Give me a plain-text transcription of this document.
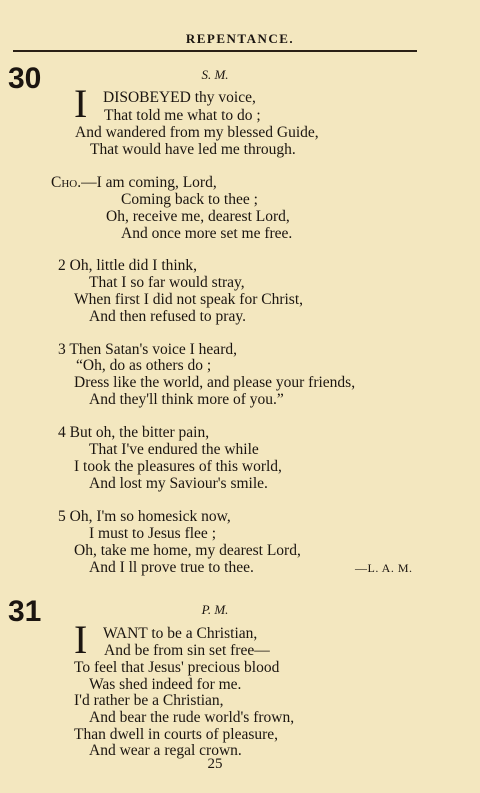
REPENTANCE.
30	S. M.
I DISOBEYED thy voice,
That told me what to do ;
And wandered from my blessed Guide,
That would have led me through.
Cho.—I am coming, Lord,
Coming back to thee ;
Oh, receive me, dearest Lord,
And once more set me free.
2 Oh, little did I think,
That I so far would stray,
When first I did not speak for Christ,
And then refused to pray.
3 Then Satan's voice I heard,
“Oh, do as others do ;
Dress like the world, and please your friends,
And they'll think more of you.”
4 But oh, the bitter pain,
That I've endured the while
I took the pleasures of this world,
And lost my Saviour's smile.
5 Oh, I'm so homesick now,
I must to Jesus flee ;
Oh, take me home, my dearest Lord,
And I ll prove true to thee.	—L. A. M.
31	P. M.
I WANT to be a Christian,
And be from sin set free—
To feel that Jesus' precious blood
Was shed indeed for me.
I'd rather be a Christian,
And bear the rude world's frown,
Than dwell in courts of pleasure,
And wear a regal crown.
25
